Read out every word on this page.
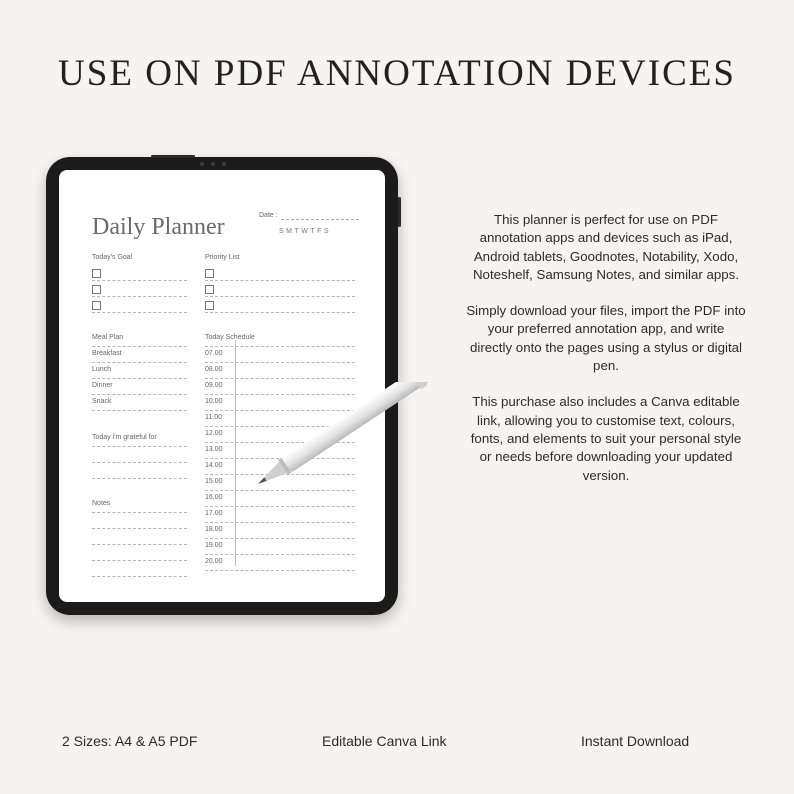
USE ON PDF ANNOTATION DEVICES
Daily Planner	Date :
SMTWTFS
Today's Goal	Priority List
Meal Plan
Breakfast
Lunch
Dinner
Snack
Today i'm grateful for
Notes
Today Schedule
07.00
08.00
09.00
10.00
11.00
12.00
13.00
14.00
15.00
16.00
17.00
18.00
19.00
20.00

This planner is perfect for use on PDF annotation apps and devices such as iPad, Android tablets, Goodnotes, Notability, Xodo, Noteshelf, Samsung Notes, and similar apps.

Simply download your files, import the PDF into your preferred annotation app, and write directly onto the pages using a stylus or digital pen.

This purchase also includes a Canva editable link, allowing you to customise text, colours, fonts, and elements to suit your personal style or needs before downloading your updated version.

2 Sizes: A4 & A5 PDF	Editable Canva Link	Instant Download
